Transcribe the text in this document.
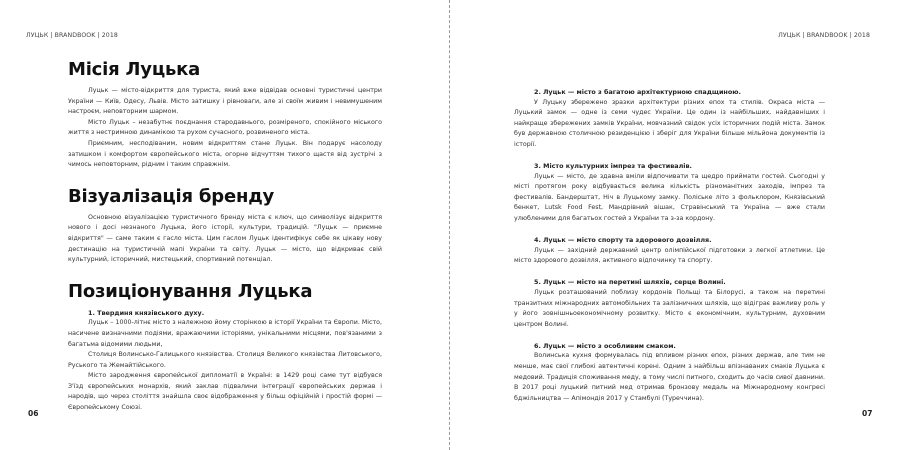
ЛУЦЬК | BRANDBOOK | 2018
Місія Луцька

Луцьк — місто-відкриття для туриста, який вже відвідав основні туристичні центри України — Київ, Одесу, Львів. Місто затишку і рівноваги, але зі своїм живим і невимушеним настроєм, неповторним шармом.

Місто Луцьк – незабутнє поєднання стародавнього, розміреного, спокійного міського життя з нестримною динамікою та рухом сучасного, розвиненого міста.

Приємним, несподіваним, новим відкриттям стане Луцьк. Він подарує насолоду затишком і комфортом європейського міста, огорне відчуттям тихого щастя від зустрічі з чимось неповторним, рідним і таким справжнім.

Візуалізація бренду

Основною візуалізацією туристичного бренду міста є ключ, що символізує відкриття нового і досі незнаного Луцька, його історії, культури, традицій. "Луцьк — приємне відкриття" — саме таким є гасло міста. Цим гаслом Луцьк ідентифікує себе як цікаву нову дестинацію на туристичній мапі України та світу. Луцьк — місто, що відкриває свій культурний, історичний, мистецький, спортивний потенціал.

Позиціонування Луцька
1. Твердиня князівського духу.

Луцьк – 1000-літнє місто з належною йому сторінкою в історії України та Європи. Місто, насичене визначними подіями, вражаючими історіями, унікальними місцями, пов'язаними з багатьма відомими людьми,

Столиця Волинсько-Галицького князівства. Столиця Великого князівства Литовського, Руського та Жемайтійського.

Місто зародження європейської дипломатії в Україні: в 1429 році саме тут відбувся З'їзд європейських монархів, який заклав підвалини інтеграції європейських держав і народів, що через століття знайшла своє відображення у більш офіційній і простій формі — Європейському Союзі.

06
ЛУЦЬК | BRANDBOOK | 2018
2. Луцьк — місто з багатою архітектурною спадщиною.

У Луцьку збережено зразки архітектури різних епох та стилів. Окраса міста — Луцький замок — одне із семи чудес України. Це один із найбільших, найдавніших і найкраще збережених замків України, мовчазний свідок усіх історичних подій міста. Замок був державною столичною резиденцією і зберіг для України більше мільйона документів із історії.

3. Місто культурних імпрез та фестивалів.

Луцьк — місто, де здавна вміли відпочивати та щедро приймати гостей. Сьогодні у місті протягом року відбувається велика кількість різноманітних заходів, імпрез та фестивалів. Бандерштат, Ніч в Луцькому замку. Поліське літо з фольклором, Князівський бенкет, Lutsk Food Fest, Мандрівний вішак, Стравінський та Україна — вже стали улюбленими для багатьох гостей з України та з-за кордону.

4. Луцьк — місто спорту та здорового дозвілля.

Луцьк — західний державний центр олімпійської підготовки з легкої атлетики. Це місто здорового дозвілля, активного відпочинку та спорту.

5. Луцьк — місто на перетині шляхів, серце Волині.

Луцьк розташований поблизу кордонів Польщі та Білорусі, а також на перетині транзитних міжнародних автомобільних та залізничних шляхів, що відіграє важливу роль у у його зовнішньоекономічному розвитку. Місто є економічним, культурним, духовним центром Волині.

6. Луцьк — місто з особливим смаком.

Волинська кухня формувалась під впливом різних епох, різних держав, але тим не менше, має свої глибокі автентичні корені. Одним з найбільш впізнаваних смаків Луцька є медовий. Традиція споживання меду, в тому числі питного, сходить до часів сивої давнини. В 2017 році луцький питний мед отримав бронзову медаль на Міжнародному конгресі бджільництва — Апімондія 2017 у Стамбулі (Туреччина).

07
